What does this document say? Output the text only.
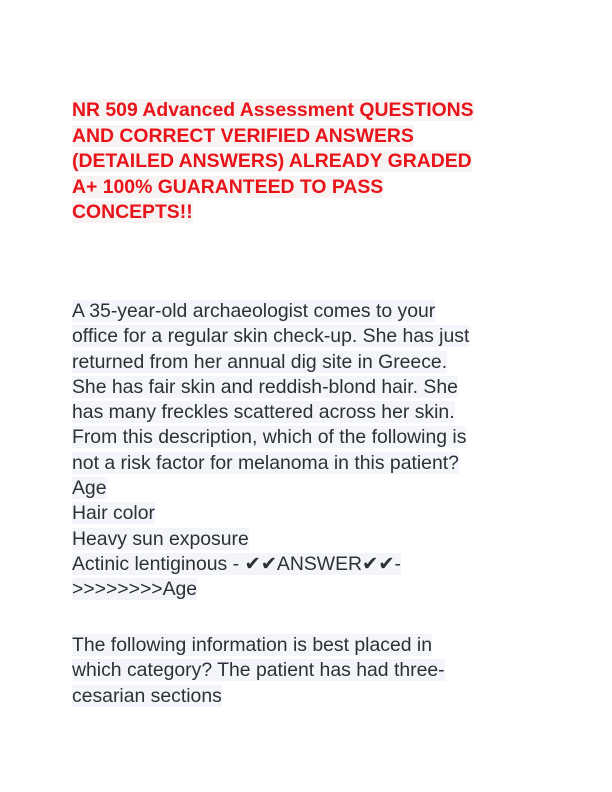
NR 509 Advanced Assessment QUESTIONS
AND CORRECT VERIFIED ANSWERS
(DETAILED ANSWERS) ALREADY GRADED
A+ 100% GUARANTEED TO PASS
CONCEPTS!!
A 35-year-old archaeologist comes to your
office for a regular skin check-up. She has just
returned from her annual dig site in Greece.
She has fair skin and reddish-blond hair. She
has many freckles scattered across her skin.
From this description, which of the following is
not a risk factor for melanoma in this patient?
Age
Hair color
Heavy sun exposure
Actinic lentiginous - ✔✔ANSWER✔✔-
>>>>>>>>Age
The following information is best placed in
which category? The patient has had three-
cesarian sections
